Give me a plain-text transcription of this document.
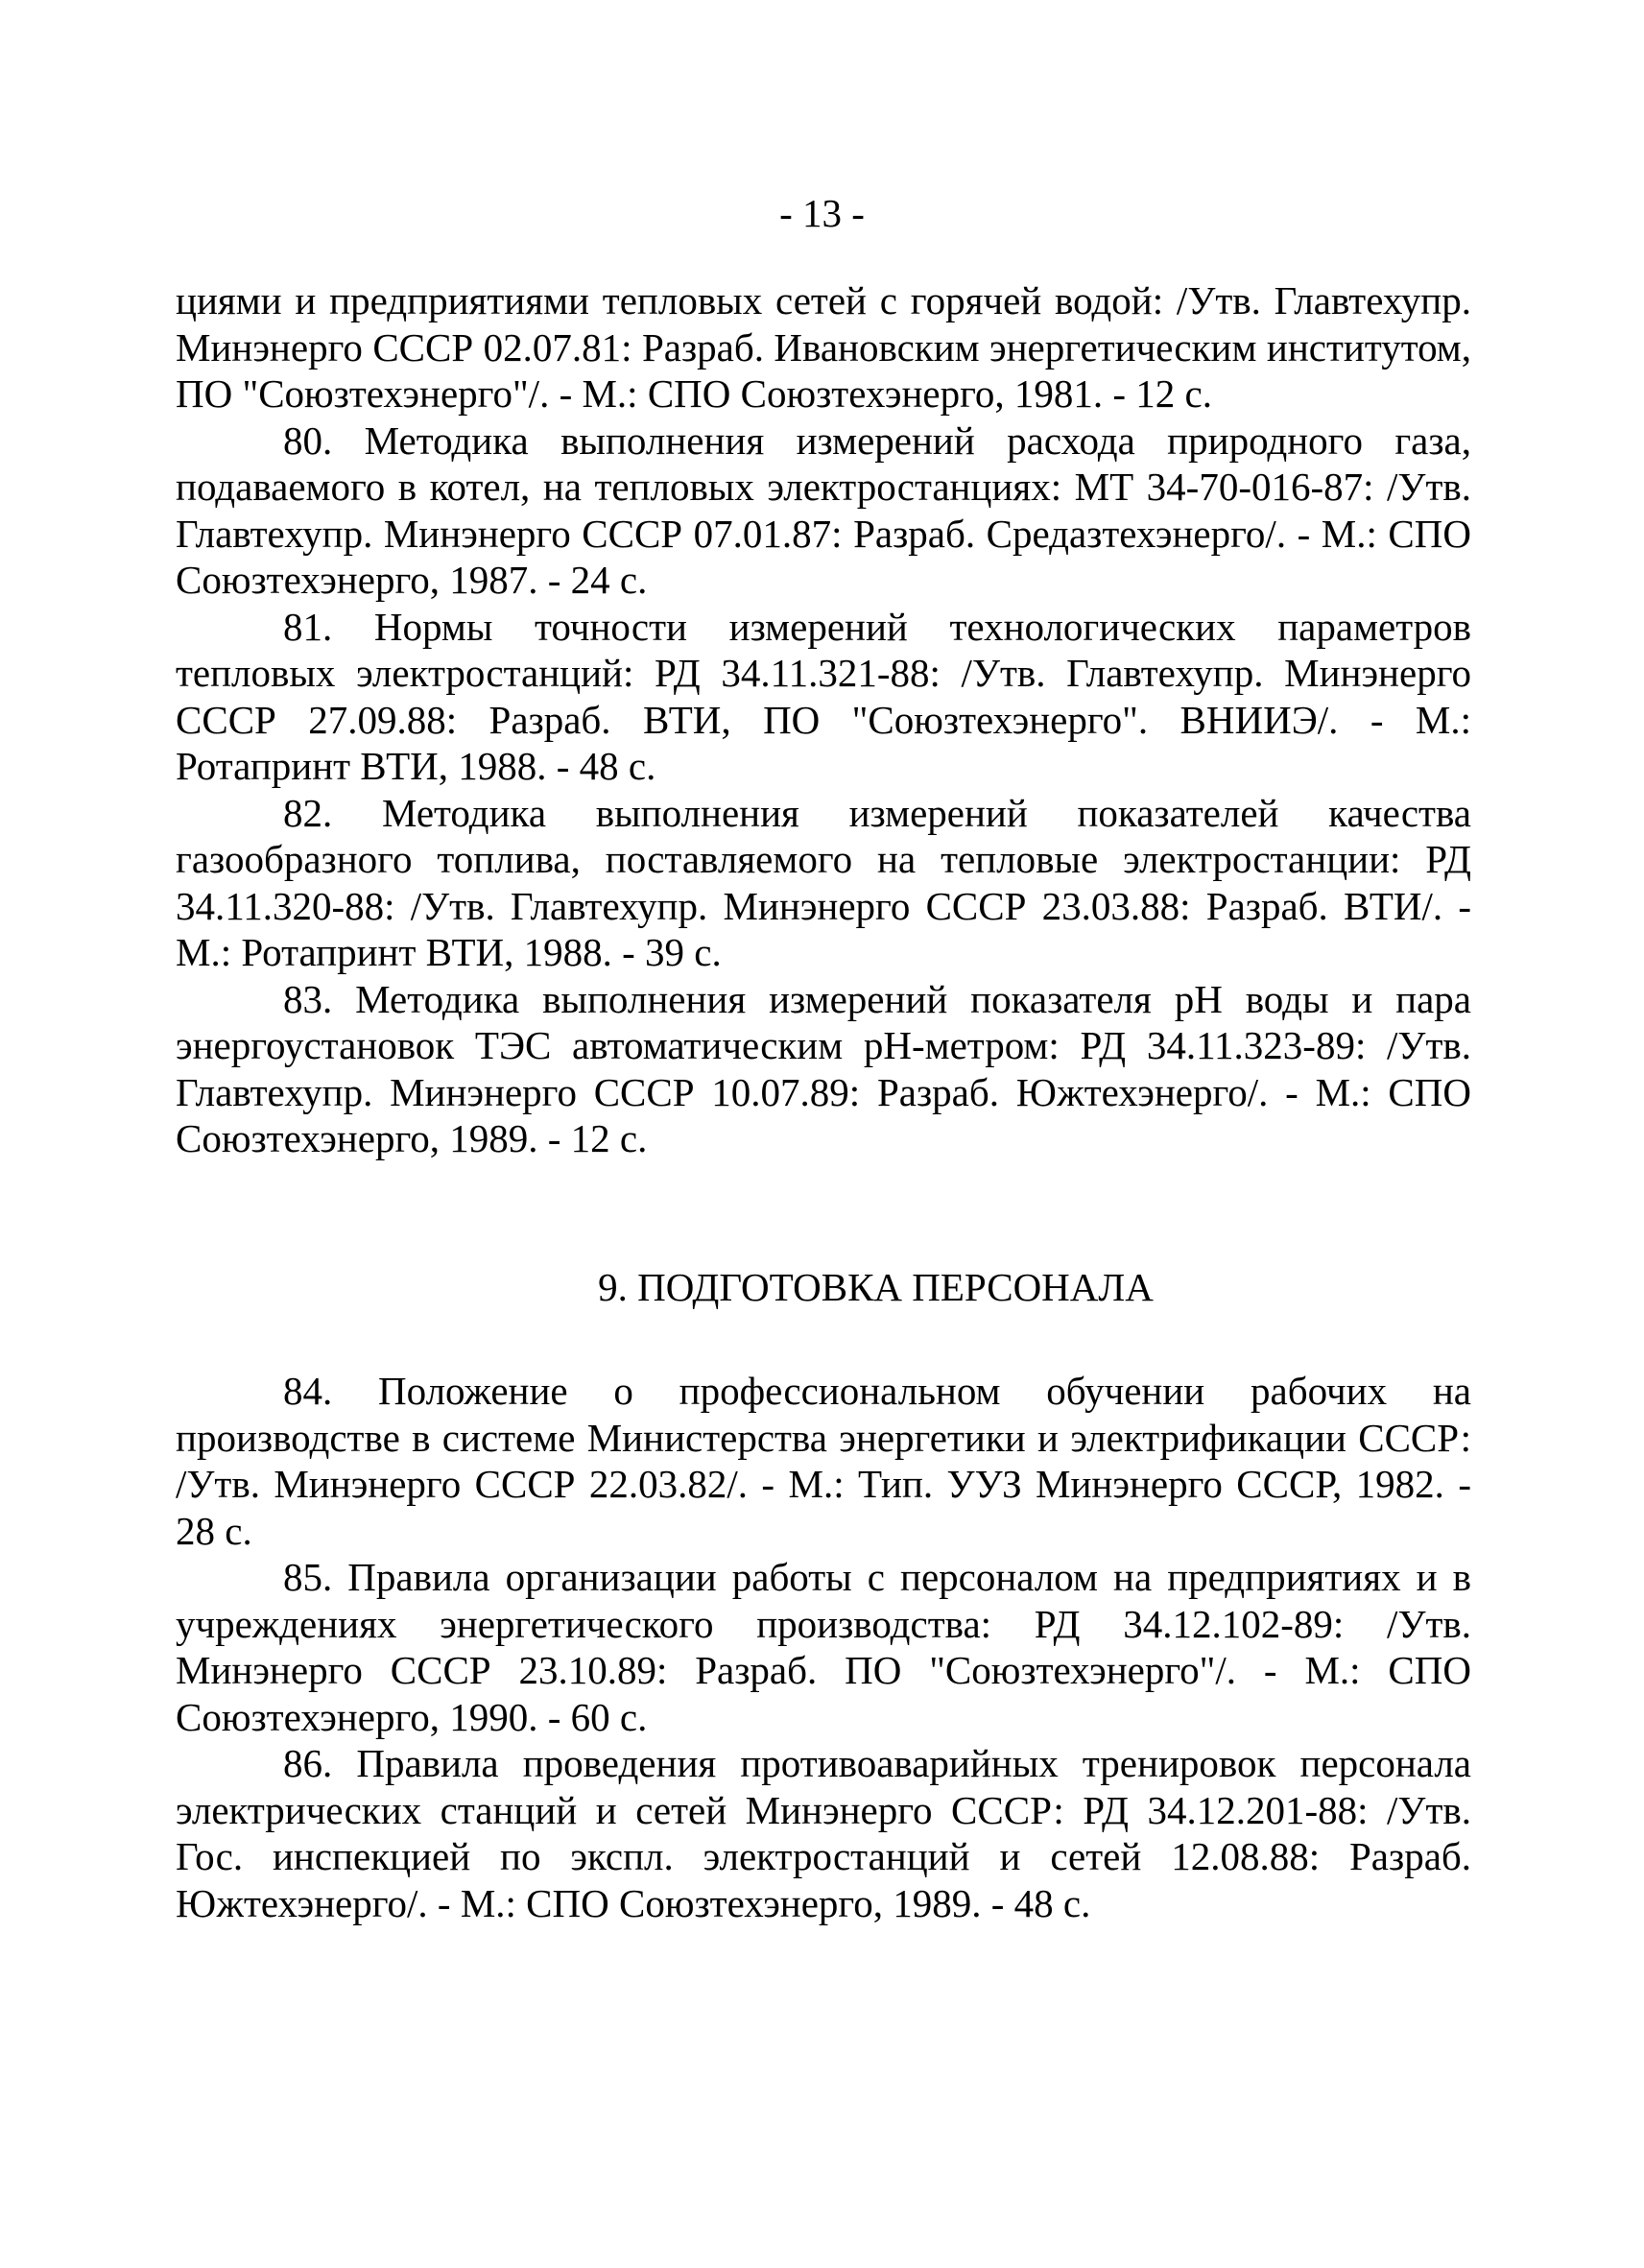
- 13 -

циями и предприятиями тепловых сетей с горячей водой: /Утв. Главтехупр. Минэнерго СССР 02.07.81: Разраб. Ивановским энергетическим институтом, ПО "Союзтехэнерго"/. - М.: СПО Союзтехэнерго, 1981. - 12 с.

80. Методика выполнения измерений расхода природного газа, подаваемого в котел, на тепловых электростанциях: МТ 34-70-016-87: /Утв. Главтехупр. Минэнерго СССР 07.01.87: Разраб. Средазтехэнерго/. - М.: СПО Союзтехэнерго, 1987. - 24 с.

81. Нормы точности измерений технологических параметров тепловых электростанций: РД 34.11.321-88: /Утв. Главтехупр. Минэнерго СССР 27.09.88: Разраб. ВТИ, ПО "Союзтехэнерго". ВНИИЭ/. - М.: Ротапринт ВТИ, 1988. - 48 с.

82. Методика выполнения измерений показателей качества газообразного топлива, поставляемого на тепловые электростанции: РД 34.11.320-88: /Утв. Главтехупр. Минэнерго СССР 23.03.88: Разраб. ВТИ/. - М.: Ротапринт ВТИ, 1988. - 39 с.

83. Методика выполнения измерений показателя pH воды и пара энергоустановок ТЭС автоматическим pH-метром: РД 34.11.323-89: /Утв. Главтехупр. Минэнерго СССР 10.07.89: Разраб. Южтехэнерго/. - М.: СПО Союзтехэнерго, 1989. - 12 с.

9. ПОДГОТОВКА ПЕРСОНАЛА

84. Положение о профессиональном обучении рабочих на производстве в системе Министерства энергетики и электрификации СССР: /Утв. Минэнерго СССР 22.03.82/. - М.: Тип. УУЗ Минэнерго СССР, 1982. - 28 с.

85. Правила организации работы с персоналом на предприятиях и в учреждениях энергетического производства: РД 34.12.102-89: /Утв. Минэнерго СССР 23.10.89: Разраб. ПО "Союзтехэнерго"/. - М.: СПО Союзтехэнерго, 1990. - 60 с.

86. Правила проведения противоаварийных тренировок персонала электрических станций и сетей Минэнерго СССР: РД 34.12.201-88: /Утв. Гос. инспекцией по экспл. электростанций и сетей 12.08.88: Разраб. Южтехэнерго/. - М.: СПО Союзтехэнерго, 1989. - 48 с.
